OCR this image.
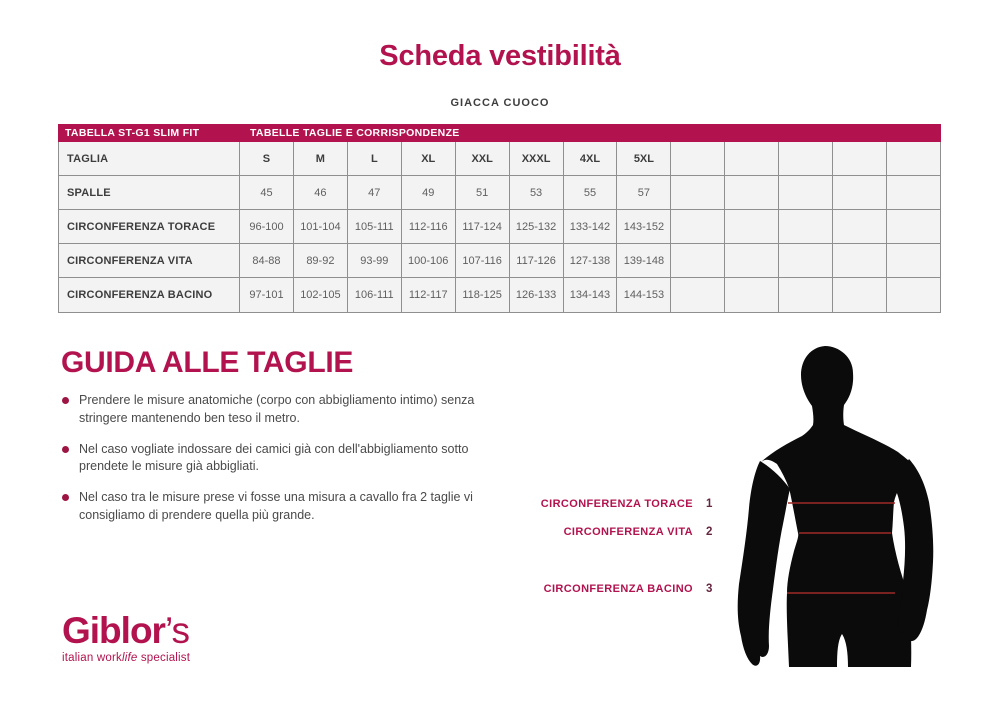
Scheda vestibilità
GIACCA CUOCO
TABELLA ST-G1 SLIM FIT	TABELLE TAGLIE E CORRISPONDENZE
TAGLIA	S	M	L	XL	XXL	XXXL	4XL	5XL
SPALLE	45	46	47	49	51	53	55	57
CIRCONFERENZA TORACE	96-100	101-104	105-111	112-116	117-124	125-132	133-142	143-152
CIRCONFERENZA VITA	84-88	89-92	93-99	100-106	107-116	117-126	127-138	139-148
CIRCONFERENZA BACINO	97-101	102-105	106-111	112-117	118-125	126-133	134-143	144-153
GUIDA ALLE TAGLIE
Prendere le misure anatomiche (corpo con abbigliamento intimo) senza stringere mantenendo ben teso il metro.
Nel caso vogliate indossare dei camici già con dell'abbigliamento sotto prendete le misure già abbigliati.
Nel caso tra le misure prese vi fosse una misura a cavallo fra 2 taglie vi consigliamo di prendere quella più grande.
CIRCONFERENZA TORACE 1
CIRCONFERENZA VITA 2
CIRCONFERENZA BACINO 3
Giblor’s
italian worklife specialist
